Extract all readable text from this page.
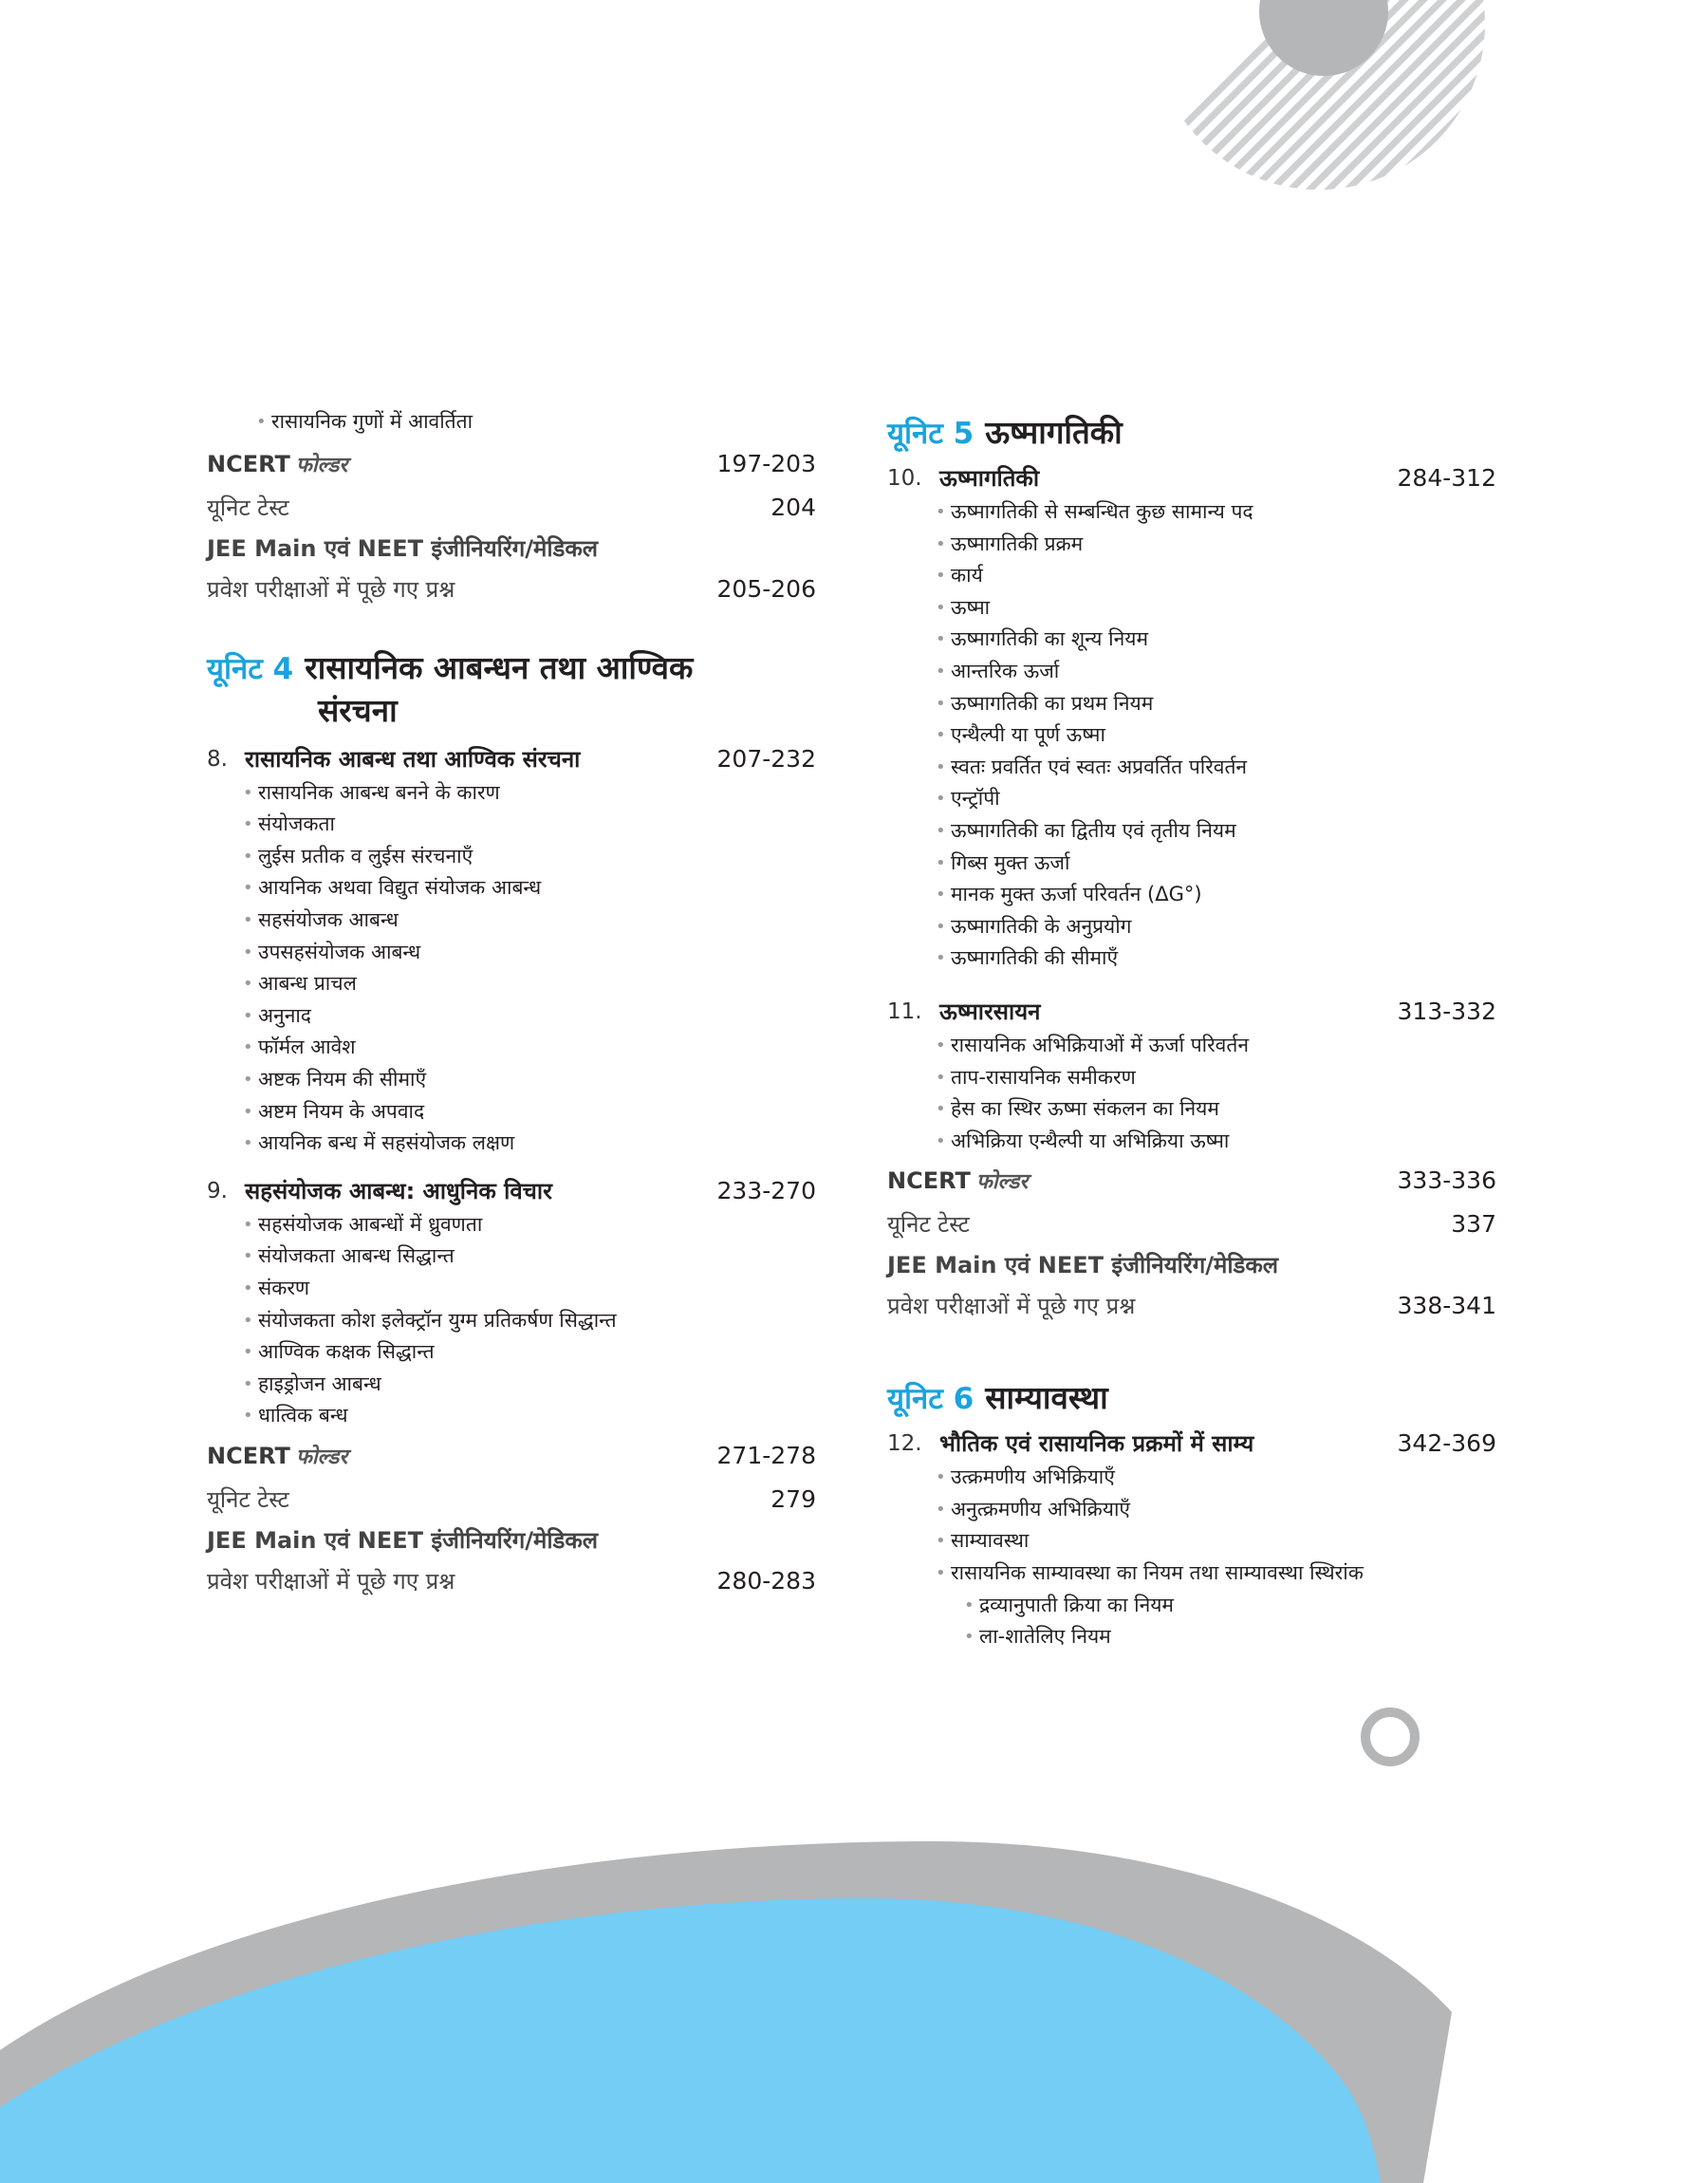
• रासायनिक गुणों में आवर्तिता
NCERT फोल्डर	197-203
यूनिट टेस्ट	204
JEE Main एवं NEET इंजीनियरिंग/मेडिकल
प्रवेश परीक्षाओं में पूछे गए प्रश्न	205-206
यूनिट 4 रासायनिक आबन्धन तथा आण्विक
संरचना
8. रासायनिक आबन्ध तथा आण्विक संरचना	207-232
• रासायनिक आबन्ध बनने के कारण
• संयोजकता
• लुईस प्रतीक व लुईस संरचनाएँ
• आयनिक अथवा विद्युत संयोजक आबन्ध
• सहसंयोजक आबन्ध
• उपसहसंयोजक आबन्ध
• आबन्ध प्राचल
• अनुनाद
• फॉर्मल आवेश
• अष्टक नियम की सीमाएँ
• अष्टम नियम के अपवाद
• आयनिक बन्ध में सहसंयोजक लक्षण
9. सहसंयोजक आबन्ध: आधुनिक विचार	233-270
• सहसंयोजक आबन्धों में ध्रुवणता
• संयोजकता आबन्ध सिद्धान्त
• संकरण
• संयोजकता कोश इलेक्ट्रॉन युग्म प्रतिकर्षण सिद्धान्त
• आण्विक कक्षक सिद्धान्त
• हाइड्रोजन आबन्ध
• धात्विक बन्ध
NCERT फोल्डर	271-278
यूनिट टेस्ट	279
JEE Main एवं NEET इंजीनियरिंग/मेडिकल
प्रवेश परीक्षाओं में पूछे गए प्रश्न	280-283
यूनिट 5 ऊष्मागतिकी
10. ऊष्मागतिकी	284-312
• ऊष्मागतिकी से सम्बन्धित कुछ सामान्य पद
• ऊष्मागतिकी प्रक्रम
• कार्य
• ऊष्मा
• ऊष्मागतिकी का शून्य नियम
• आन्तरिक ऊर्जा
• ऊष्मागतिकी का प्रथम नियम
• एन्थैल्पी या पूर्ण ऊष्मा
• स्वतः प्रवर्तित एवं स्वतः अप्रवर्तित परिवर्तन
• एन्ट्रॉपी
• ऊष्मागतिकी का द्वितीय एवं तृतीय नियम
• गिब्स मुक्त ऊर्जा
• मानक मुक्त ऊर्जा परिवर्तन (ΔG°)
• ऊष्मागतिकी के अनुप्रयोग
• ऊष्मागतिकी की सीमाएँ
11. ऊष्मारसायन	313-332
• रासायनिक अभिक्रियाओं में ऊर्जा परिवर्तन
• ताप-रासायनिक समीकरण
• हेस का स्थिर ऊष्मा संकलन का नियम
• अभिक्रिया एन्थैल्पी या अभिक्रिया ऊष्मा
NCERT फोल्डर	333-336
यूनिट टेस्ट	337
JEE Main एवं NEET इंजीनियरिंग/मेडिकल
प्रवेश परीक्षाओं में पूछे गए प्रश्न	338-341
यूनिट 6 साम्यावस्था
12. भौतिक एवं रासायनिक प्रक्रमों में साम्य	342-369
• उत्क्रमणीय अभिक्रियाएँ
• अनुत्क्रमणीय अभिक्रियाएँ
• साम्यावस्था
• रासायनिक साम्यावस्था का नियम तथा साम्यावस्था स्थिरांक
• द्रव्यानुपाती क्रिया का नियम
• ला-शातेलिए नियम
